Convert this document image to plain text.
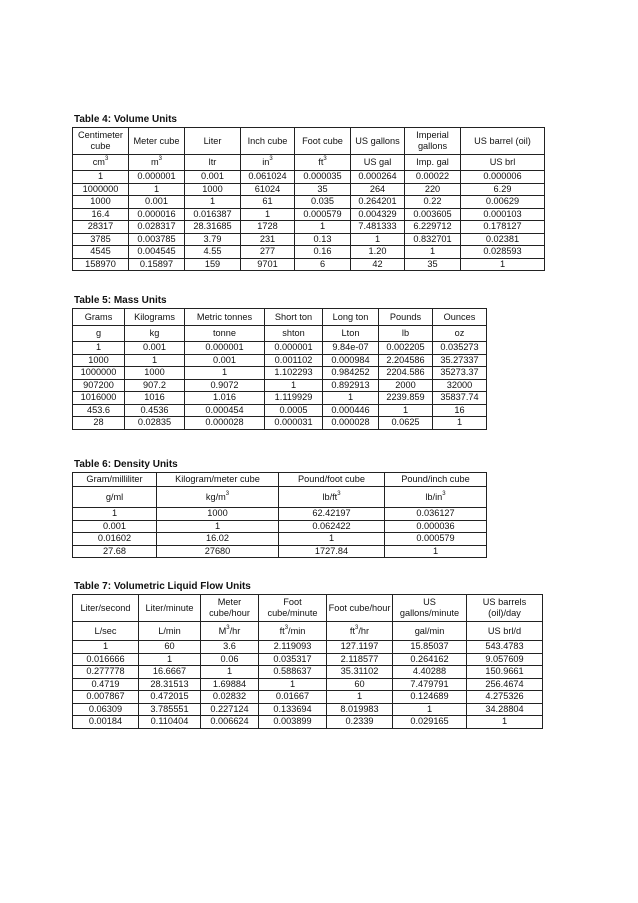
Table 4: Volume Units
Centimeter cube	Meter cube	Liter	Inch cube	Foot cube	US gallons	Imperial gallons	US barrel (oil)
$cm^3$	$m^3$	ltr	$in^3$	$ft^3$	US gal	Imp. gal	US brl
1	0.000001	0.001	0.061024	0.000035	0.000264	0.00022	0.000006
1000000	1	1000	61024	35	264	220	6.29
1000	0.001	1	61	0.035	0.264201	0.22	0.00629
16.4	0.000016	0.016387	1	0.000579	0.004329	0.003605	0.000103
28317	0.028317	28.31685	1728	1	7.481333	6.229712	0.178127
3785	0.003785	3.79	231	0.13	1	0.832701	0.02381
4545	0.004545	4.55	277	0.16	1.20	1	0.028593
158970	0.15897	159	9701	6	42	35	1
Table 5: Mass Units
Grams	Kilograms	Metric tonnes	Short ton	Long ton	Pounds	Ounces
g	kg	tonne	shton	Lton	lb	oz
1	0.001	0.000001	0.000001	9.84e-07	0.002205	0.035273
1000	1	0.001	0.001102	0.000984	2.204586	35.27337
1000000	1000	1	1.102293	0.984252	2204.586	35273.37
907200	907.2	0.9072	1	0.892913	2000	32000
1016000	1016	1.016	1.119929	1	2239.859	35837.74
453.6	0.4536	0.000454	0.0005	0.000446	1	16
28	0.02835	0.000028	0.000031	0.000028	0.0625	1
Table 6: Density Units
Gram/milliliter	Kilogram/meter cube	Pound/foot cube	Pound/inch cube
g/ml	$kg/m^3$	$lb/ft^3$	$lb/in^3$
1	1000	62.42197	0.036127
0.001	1	0.062422	0.000036
0.01602	16.02	1	0.000579
27.68	27680	1727.84	1
Table 7: Volumetric Liquid Flow Units
Liter/second	Liter/minute	Meter cube/hour	Foot cube/minute	Foot cube/hour	US gallons/minute	US barrels (oil)/day
L/sec	L/min	$M^3/hr$	$ft^3/\min$	$ft^3/hr$	gal/min	US brl/d
1	60	3.6	2.119093	127.1197	15.85037	543.4783
0.016666	1	0.06	0.035317	2.118577	0.264162	9.057609
0.277778	16.6667	1	0.588637	35.31102	4.40288	150.9661
0.4719	28.31513	1.69884	1	60	7.479791	256.4674
0.007867	0.472015	0.02832	0.01667	1	0.124689	4.275326
0.06309	3.785551	0.227124	0.133694	8.019983	1	34.28804
0.00184	0.110404	0.006624	0.003899	0.2339	0.029165	1
